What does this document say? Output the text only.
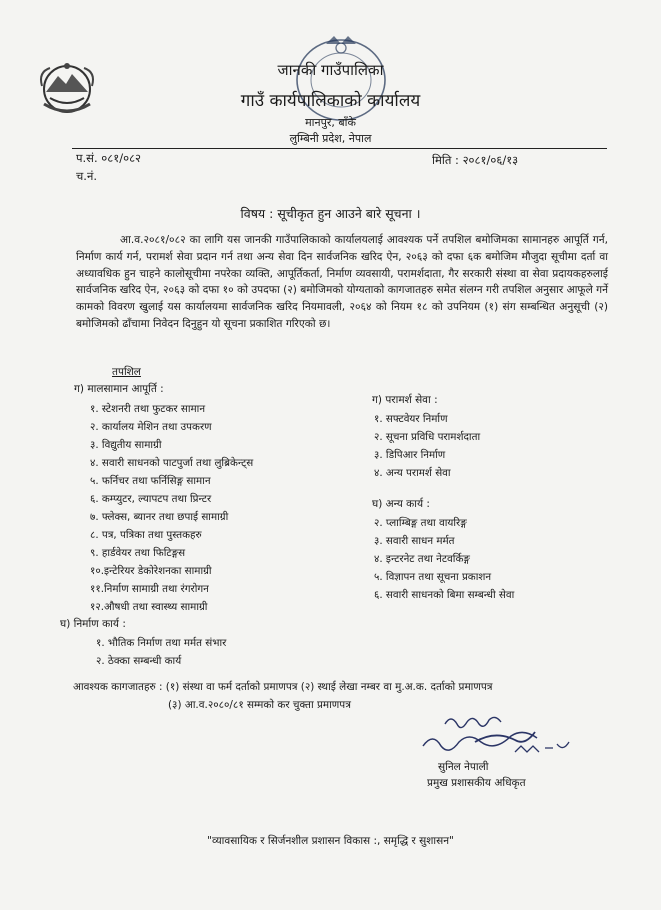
जानकी गाउँपालिका
गाउँ कार्यपालिकाको कार्यालय
मानपुर, बाँके
लुम्बिनी प्रदेश, नेपाल
प.सं. ०८१/०८२
च.नं.
मिति : २०८१/०६/१३
विषय : सूचीकृत हुन आउने बारे सूचना ।
आ.व.२०८१/०८२ का लागि यस जानकी गाउँपालिकाको कार्यालयलाई आवश्यक पर्ने तपशिल बमोजिमका सामानहरु आपूर्ति गर्न, निर्माण कार्य गर्न, परामर्श सेवा प्रदान गर्न तथा अन्य सेवा दिन सार्वजनिक खरिद ऐन, २०६३ को दफा ६क बमोजिम मौजुदा सूचीमा दर्ता वा अध्यावधिक हुन चाहने कालोसूचीमा नपरेका व्यक्ति, आपूर्तिकर्ता, निर्माण व्यवसायी, परामर्शदाता, गैर सरकारी संस्था वा सेवा प्रदायकहरुलाई सार्वजनिक खरिद ऐन, २०६३ को दफा १० को उपदफा (२) बमोजिमको योग्यताको कागजातहरु समेत संलग्न गरी तपशिल अनुसार आफूले गर्ने कामको विवरण खुलाई यस कार्यालयमा सार्वजनिक खरिद नियमावली, २०६४ को नियम १८ को उपनियम (१) संग सम्बन्धित अनुसूची (२) बमोजिमको ढाँचामा निवेदन दिनुहुन यो सूचना प्रकाशित गरिएको छ।
तपशिल
ग) मालसामान आपूर्ति :
१. स्टेशनरी तथा फुटकर सामान
२. कार्यालय मेशिन तथा उपकरण
३. विद्युतीय सामाग्री
४. सवारी साधनको पाटपुर्जा तथा लुब्रिकेन्ट्स
५. फर्निचर तथा फर्निसिङ्ग सामान
६. कम्प्युटर, ल्यापटप तथा प्रिन्टर
७. फ्लेक्स, ब्यानर तथा छपाई सामाग्री
८. पत्र, पत्रिका तथा पुस्तकहरु
९. हार्डवेयर तथा फिटिङ्गस
१०.इन्टेरियर डेकोरेशनका सामाग्री
११.निर्माण सामाग्री तथा रंगरोगन
१२.औषधी तथा स्वास्थ्य सामाग्री
घ) निर्माण कार्य :
१. भौतिक निर्माण तथा मर्मत संभार
२. ठेक्का सम्बन्धी कार्य
ग) परामर्श सेवा :
१. सफ्टवेयर निर्माण
२. सूचना प्रविधि परामर्शदाता
३. डिपिआर निर्माण
४. अन्य परामर्श सेवा
घ) अन्य कार्य :
२. प्लाम्बिङ्ग तथा वायरिङ्ग
३. सवारी साधन मर्मत
४. इन्टरनेट तथा नेटवर्किङ्ग
५. विज्ञापन तथा सूचना प्रकाशन
६. सवारी साधनको बिमा सम्बन्धी सेवा
आवश्यक कागजातहरु : (१) संस्था वा फर्म दर्ताको प्रमाणपत्र (२) स्थाई लेखा नम्बर वा मु.अ.क. दर्ताको प्रमाणपत्र
(३) आ.व.२०८०/८१ सम्मको कर चुक्ता प्रमाणपत्र
सुनिल नेपाली
प्रमुख प्रशासकीय अधिकृत
"व्यावसायिक र सिर्जनशील प्रशासन विकास :, समृद्धि र सुशासन"
